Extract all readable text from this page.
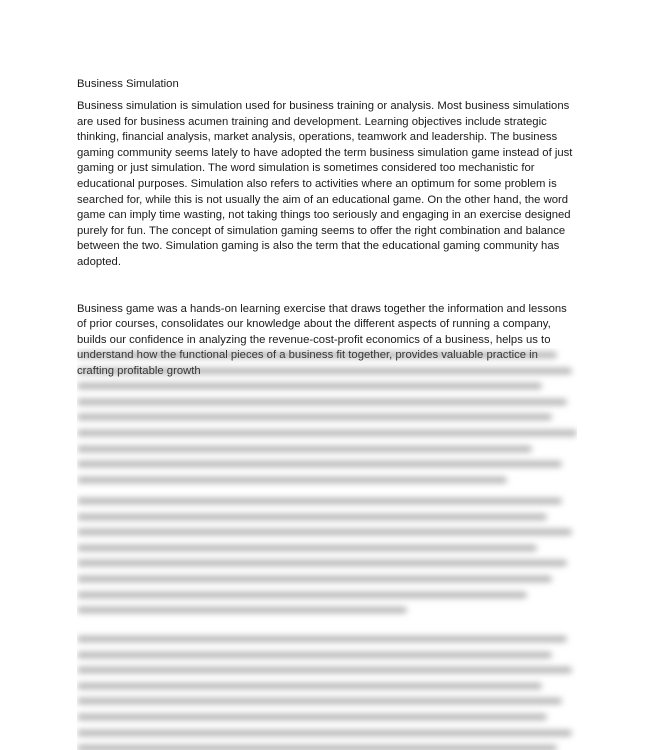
Business Simulation

Business simulation is simulation used for business training or analysis. Most business simulations are used for business acumen training and development. Learning objectives include strategic thinking, financial analysis, market analysis, operations, teamwork and leadership. The business gaming community seems lately to have adopted the term business simulation game instead of just gaming or just simulation. The word simulation is sometimes considered too mechanistic for educational purposes. Simulation also refers to activities where an optimum for some problem is searched for, while this is not usually the aim of an educational game. On the other hand, the word game can imply time wasting, not taking things too seriously and engaging in an exercise designed purely for fun. The concept of simulation gaming seems to offer the right combination and balance between the two. Simulation gaming is also the term that the educational gaming community has adopted.

Business game was a hands-on learning exercise that draws together the information and lessons of prior courses, consolidates our knowledge about the different aspects of running a company, builds our confidence in analyzing the revenue-cost-profit economics of a business, helps us to
